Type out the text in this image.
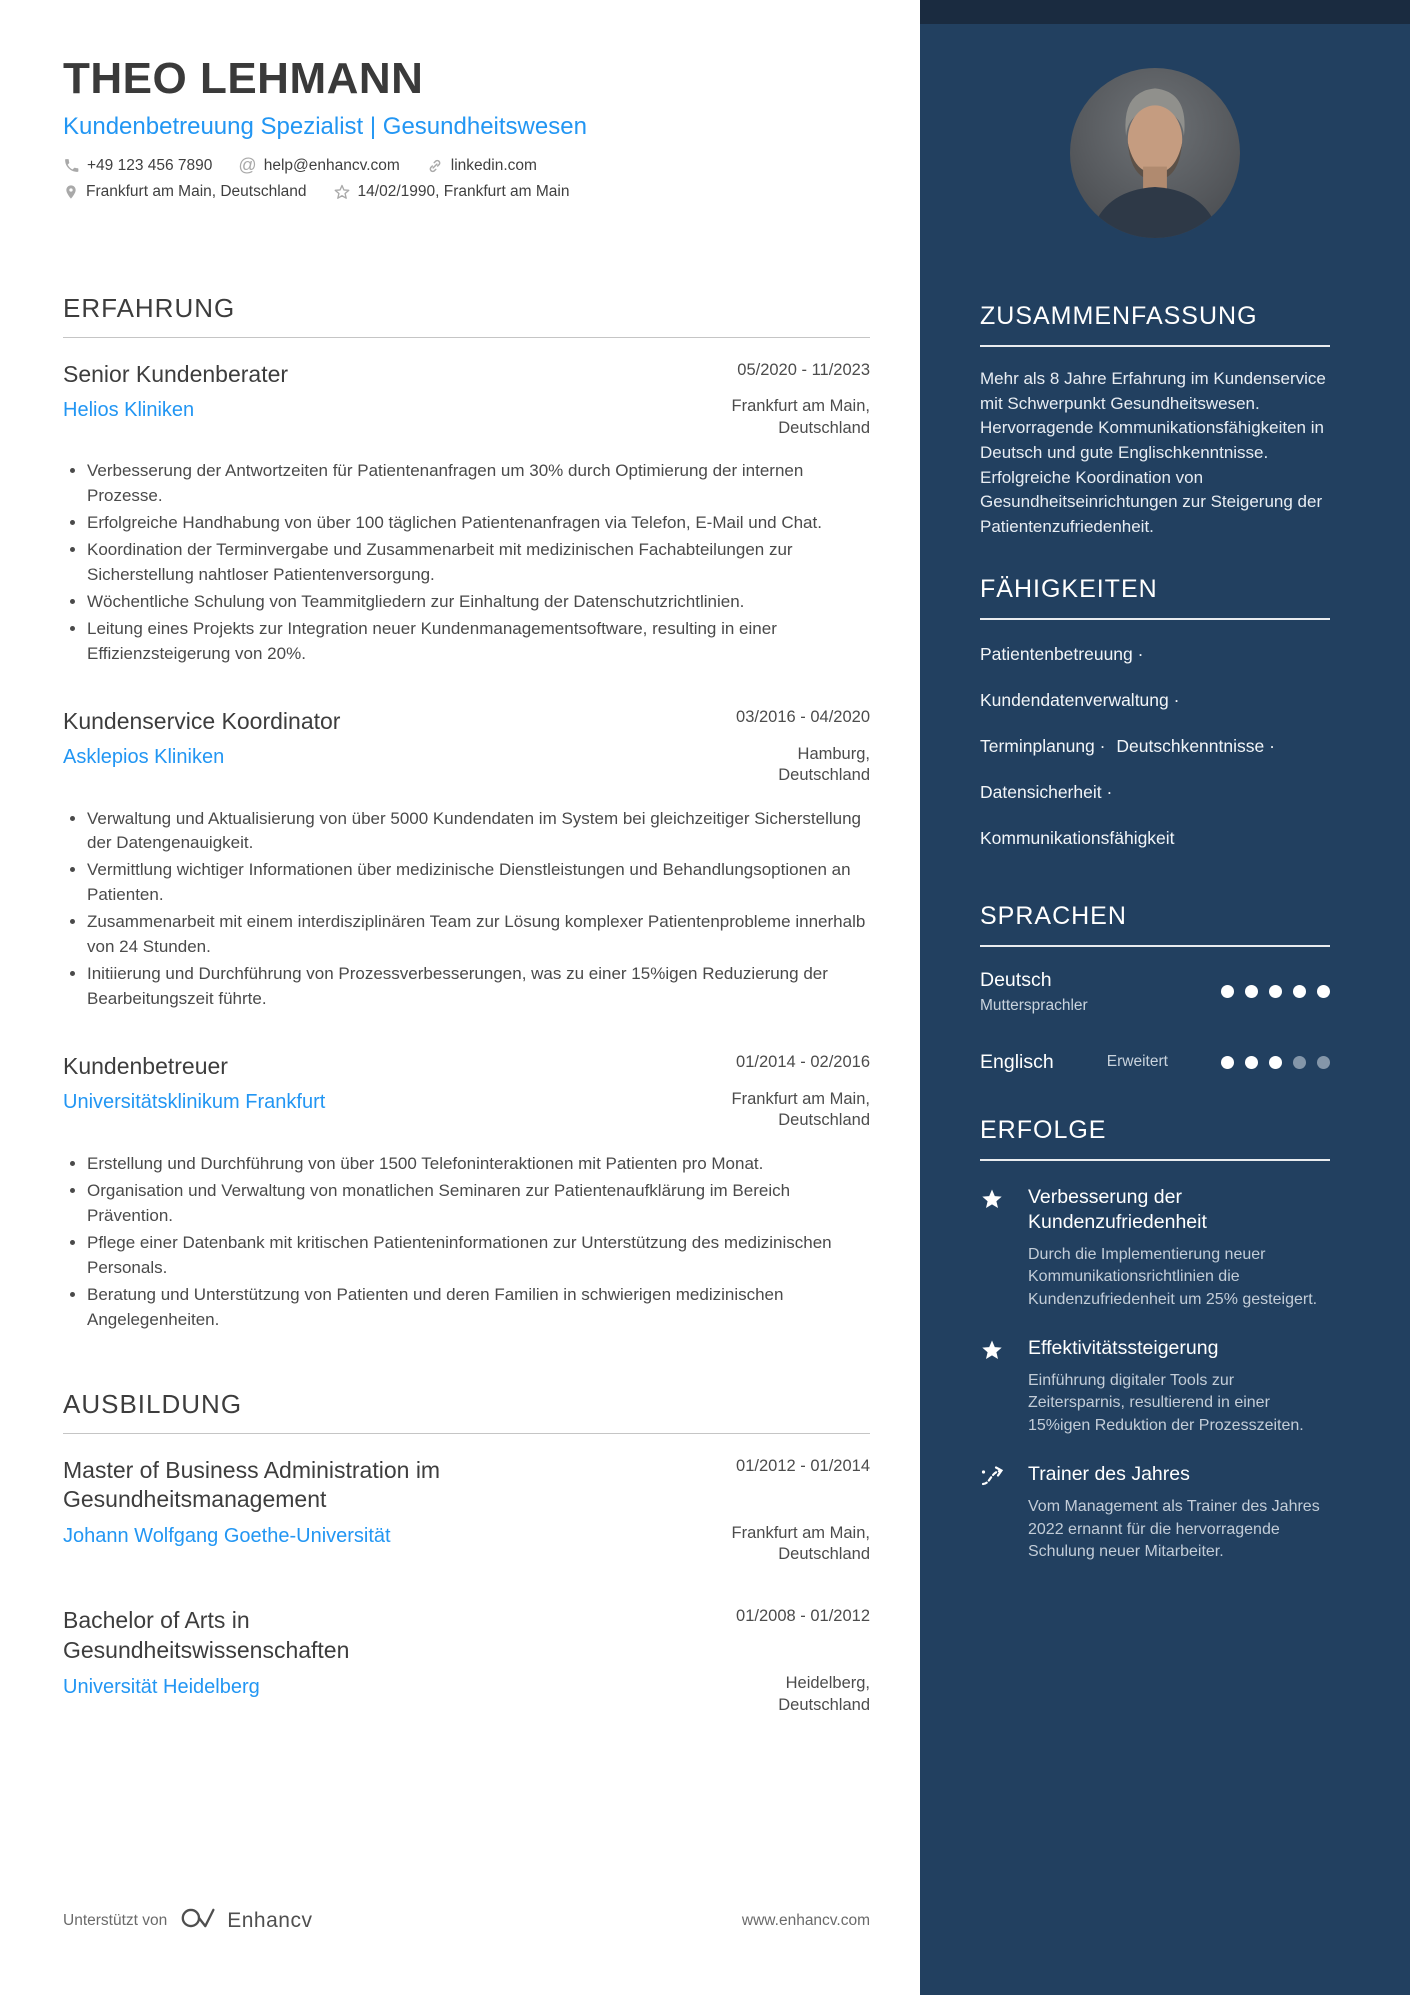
THEO LEHMANN
Kundenbetreuung Spezialist | Gesundheitswesen
+49 123 456 7890 @ help@enhancv.com	linkedin.com
Frankfurt am Main, Deutschland	14/02/1990, Frankfurt am Main
ERFAHRUNG
Senior Kundenberater
Helios Kliniken
05/2020 - 11/2023
Frankfurt am Main, Deutschland
• Verbesserung der Antwortzeiten für Patientenanfragen um 30% durch Optimierung der internen Prozesse.
• Erfolgreiche Handhabung von über 100 täglichen Patientenanfragen via Telefon, E-Mail und Chat.
• Koordination der Terminvergabe und Zusammenarbeit mit medizinischen Fachabteilungen zur Sicherstellung nahtloser Patientenversorgung.
• Wöchentliche Schulung von Teammitgliedern zur Einhaltung der Datenschutzrichtlinien.
• Leitung eines Projekts zur Integration neuer Kundenmanagementsoftware, resulting in einer Effizienzsteigerung von 20%.
Kundenservice Koordinator
Asklepios Kliniken
03/2016 - 04/2020
Hamburg, Deutschland
• Verwaltung und Aktualisierung von über 5000 Kundendaten im System bei gleichzeitiger Sicherstellung der Datengenauigkeit.
• Vermittlung wichtiger Informationen über medizinische Dienstleistungen und Behandlungsoptionen an Patienten.
• Zusammenarbeit mit einem interdisziplinären Team zur Lösung komplexer Patientenprobleme innerhalb von 24 Stunden.
• Initiierung und Durchführung von Prozessverbesserungen, was zu einer 15%igen Reduzierung der Bearbeitungszeit führte.
Kundenbetreuer
Universitätsklinikum Frankfurt
01/2014 - 02/2016
Frankfurt am Main, Deutschland
• Erstellung und Durchführung von über 1500 Telefoninteraktionen mit Patienten pro Monat.
• Organisation und Verwaltung von monatlichen Seminaren zur Patientenaufklärung im Bereich Prävention.
• Pflege einer Datenbank mit kritischen Patienteninformationen zur Unterstützung des medizinischen Personals.
• Beratung und Unterstützung von Patienten und deren Familien in schwierigen medizinischen Angelegenheiten.
AUSBILDUNG
Master of Business Administration im Gesundheitsmanagement
Johann Wolfgang Goethe-Universität
01/2012 - 01/2014
Frankfurt am Main, Deutschland
Bachelor of Arts in Gesundheitswissenschaften
Universität Heidelberg
01/2008 - 01/2012
Heidelberg, Deutschland
Unterstützt von	Enhancv	www.enhancv.com
ZUSAMMENFASSUNG

Mehr als 8 Jahre Erfahrung im Kundenservice mit Schwerpunkt Gesundheitswesen. Hervorragende Kommunikationsfähigkeiten in Deutsch und gute Englischkenntnisse. Erfolgreiche Koordination von Gesundheitseinrichtungen zur Steigerung der Patientenzufriedenheit.

FÄHIGKEITEN
Patientenbetreuung · Kundendatenverwaltung · Terminplanung · Deutschkenntnisse · Datensicherheit · Kommunikationsfähigkeit
SPRACHEN
Deutsch
Muttersprachler
Englisch	Erweitert
ERFOLGE
Verbesserung der Kundenzufriedenheit
Durch die Implementierung neuer Kommunikationsrichtlinien die Kundenzufriedenheit um 25% gesteigert.
Effektivitätssteigerung
Einführung digitaler Tools zur Zeitersparnis, resultierend in einer 15%igen Reduktion der Prozesszeiten.
Trainer des Jahres
Vom Management als Trainer des Jahres 2022 ernannt für die hervorragende Schulung neuer Mitarbeiter.
